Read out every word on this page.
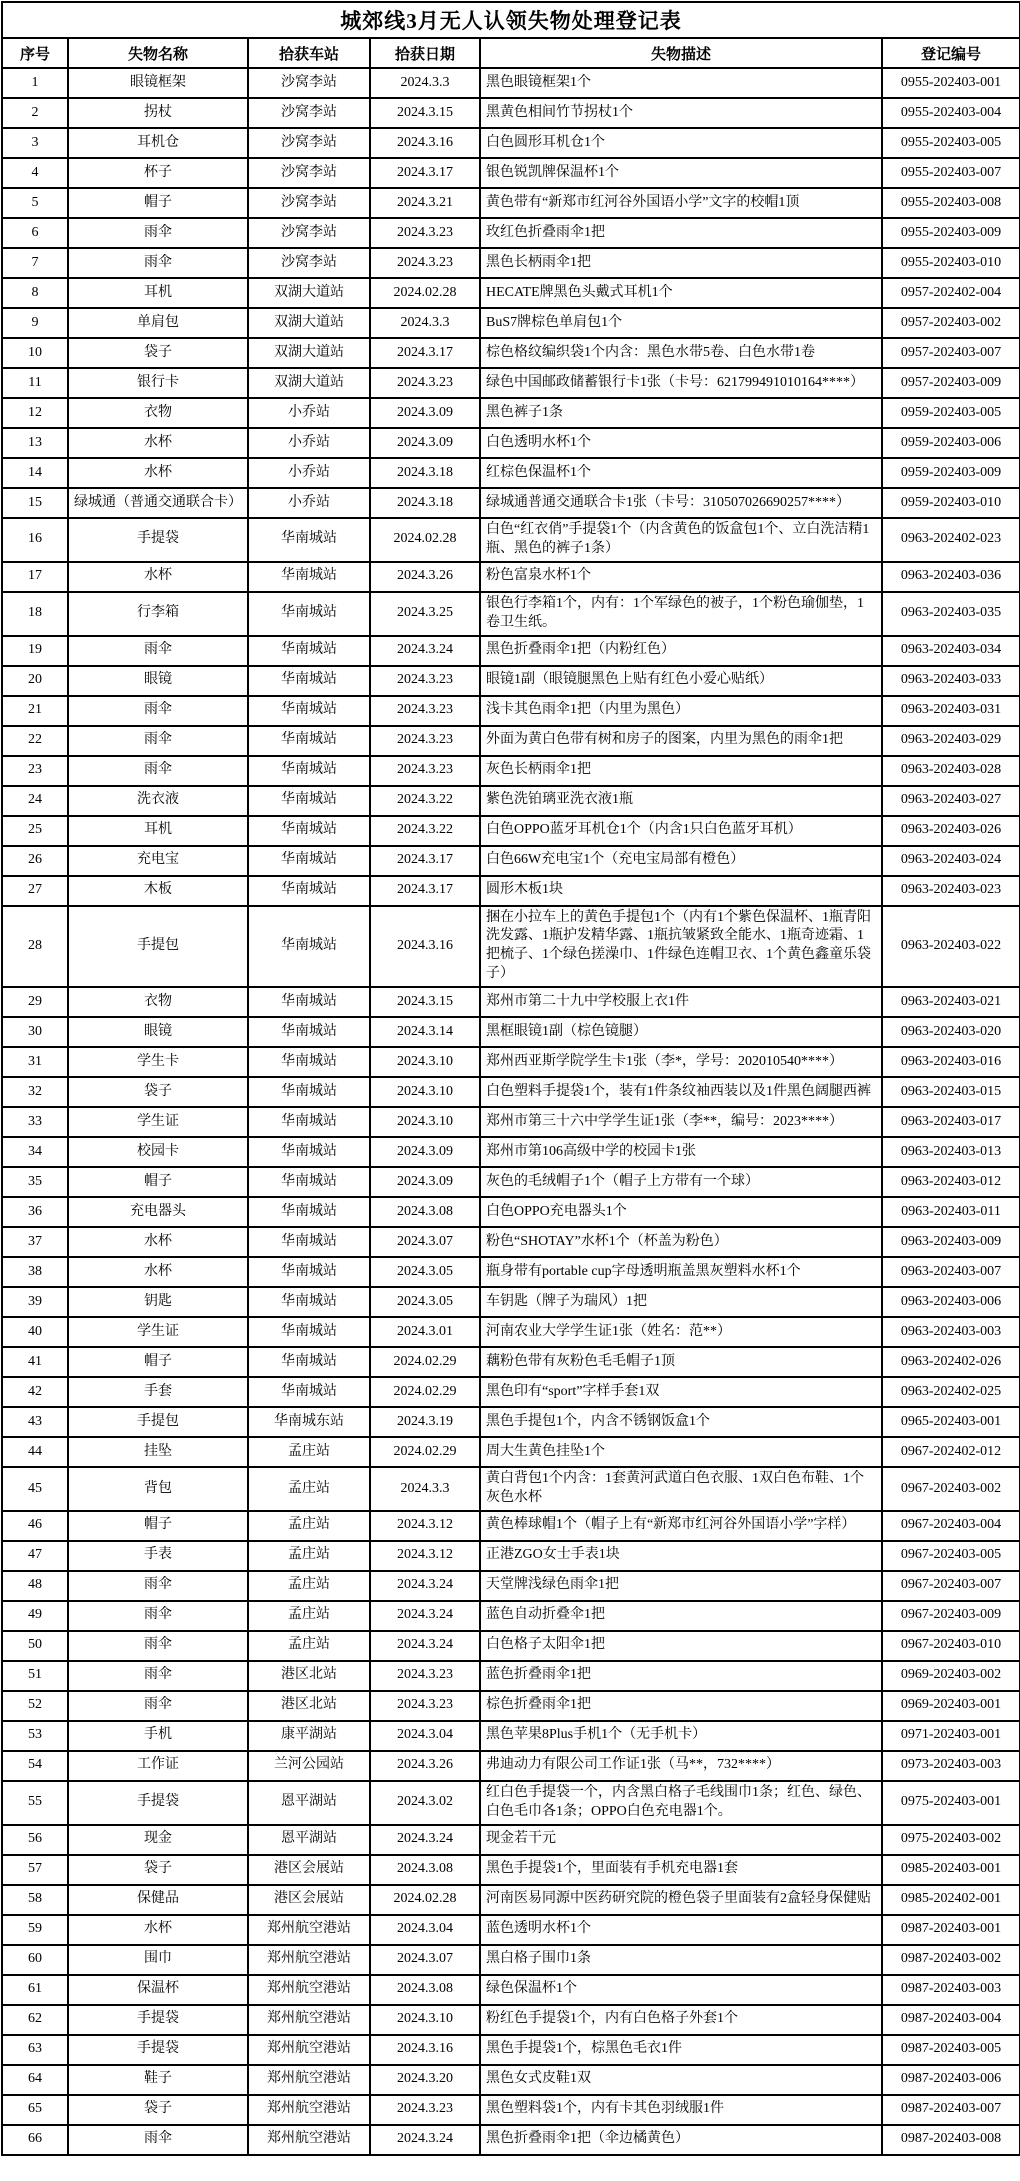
城郊线3月无人认领失物处理登记表					
序号	失物名称	拾获车站	拾获日期	失物描述	登记编号
1	眼镜框架	沙窝李站	2024.3.3	黑色眼镜框架1个	0955-202403-001
2	拐杖	沙窝李站	2024.3.15	黑黄色相间竹节拐杖1个	0955-202403-004
3	耳机仓	沙窝李站	2024.3.16	白色圆形耳机仓1个	0955-202403-005
4	杯子	沙窝李站	2024.3.17	银色锐凯牌保温杯1个	0955-202403-007
5	帽子	沙窝李站	2024.3.21	黄色带有“新郑市红河谷外国语小学”文字的校帽1顶	0955-202403-008
6	雨伞	沙窝李站	2024.3.23	玫红色折叠雨伞1把	0955-202403-009
7	雨伞	沙窝李站	2024.3.23	黑色长柄雨伞1把	0955-202403-010
8	耳机	双湖大道站	2024.02.28	HECATE牌黑色头戴式耳机1个	0957-202402-004
9	单肩包	双湖大道站	2024.3.3	BuS7牌棕色单肩包1个	0957-202403-002
10	袋子	双湖大道站	2024.3.17	棕色格纹编织袋1个内含：黑色水带5卷、白色水带1卷	0957-202403-007
11	银行卡	双湖大道站	2024.3.23	绿色中国邮政储蓄银行卡1张（卡号：621799491010164****）	0957-202403-009
12	衣物	小乔站	2024.3.09	黑色裤子1条	0959-202403-005
13	水杯	小乔站	2024.3.09	白色透明水杯1个	0959-202403-006
14	水杯	小乔站	2024.3.18	红棕色保温杯1个	0959-202403-009
15	绿城通（普通交通联合卡）	小乔站	2024.3.18	绿城通普通交通联合卡1张（卡号：310507026690257****）	0959-202403-010
16	手提袋	华南城站	2024.02.28	白色“红衣俏”手提袋1个（内含黄色的饭盒包1个、立白洗洁精1瓶、黑色的裤子1条）	0963-202402-023
17	水杯	华南城站	2024.3.26	粉色富泉水杯1个	0963-202403-036
18	行李箱	华南城站	2024.3.25	银色行李箱1个，内有：1个军绿色的被子，1个粉色瑜伽垫，1卷卫生纸。	0963-202403-035
19	雨伞	华南城站	2024.3.24	黑色折叠雨伞1把（内粉红色）	0963-202403-034
20	眼镜	华南城站	2024.3.23	眼镜1副（眼镜腿黑色上贴有红色小爱心贴纸）	0963-202403-033
21	雨伞	华南城站	2024.3.23	浅卡其色雨伞1把（内里为黑色）	0963-202403-031
22	雨伞	华南城站	2024.3.23	外面为黄白色带有树和房子的图案，内里为黑色的雨伞1把	0963-202403-029
23	雨伞	华南城站	2024.3.23	灰色长柄雨伞1把	0963-202403-028
24	洗衣液	华南城站	2024.3.22	紫色洗铂璃亚洗衣液1瓶	0963-202403-027
25	耳机	华南城站	2024.3.22	白色OPPO蓝牙耳机仓1个（内含1只白色蓝牙耳机）	0963-202403-026
26	充电宝	华南城站	2024.3.17	白色66W充电宝1个（充电宝局部有橙色）	0963-202403-024
27	木板	华南城站	2024.3.17	圆形木板1块	0963-202403-023
28	手提包	华南城站	2024.3.16	捆在小拉车上的黄色手提包1个（内有1个紫色保温杯、1瓶青阳洗发露、1瓶护发精华露、1瓶抗皱紧致全能水、1瓶奇迹霜、1把梳子、1个绿色搓澡巾、1件绿色连帽卫衣、1个黄色鑫童乐袋子）	0963-202403-022
29	衣物	华南城站	2024.3.15	郑州市第二十九中学校服上衣1件	0963-202403-021
30	眼镜	华南城站	2024.3.14	黑框眼镜1副（棕色镜腿）	0963-202403-020
31	学生卡	华南城站	2024.3.10	郑州西亚斯学院学生卡1张（李*，学号：202010540****）	0963-202403-016
32	袋子	华南城站	2024.3.10	白色塑料手提袋1个，装有1件条纹袖西装以及1件黑色阔腿西裤	0963-202403-015
33	学生证	华南城站	2024.3.10	郑州市第三十六中学学生证1张（李**，编号：2023****）	0963-202403-017
34	校园卡	华南城站	2024.3.09	郑州市第106高级中学的校园卡1张	0963-202403-013
35	帽子	华南城站	2024.3.09	灰色的毛绒帽子1个（帽子上方带有一个球）	0963-202403-012
36	充电器头	华南城站	2024.3.08	白色OPPO充电器头1个	0963-202403-011
37	水杯	华南城站	2024.3.07	粉色“SHOTAY”水杯1个（杯盖为粉色）	0963-202403-009
38	水杯	华南城站	2024.3.05	瓶身带有portable cup字母透明瓶盖黑灰塑料水杯1个	0963-202403-007
39	钥匙	华南城站	2024.3.05	车钥匙（牌子为瑞风）1把	0963-202403-006
40	学生证	华南城站	2024.3.01	河南农业大学学生证1张（姓名：范**）	0963-202403-003
41	帽子	华南城站	2024.02.29	藕粉色带有灰粉色毛毛帽子1顶	0963-202402-026
42	手套	华南城站	2024.02.29	黑色印有“sport”字样手套1双	0963-202402-025
43	手提包	华南城东站	2024.3.19	黑色手提包1个，内含不锈钢饭盒1个	0965-202403-001
44	挂坠	孟庄站	2024.02.29	周大生黄色挂坠1个	0967-202402-012
45	背包	孟庄站	2024.3.3	黄白背包1个内含：1套黄河武道白色衣服、1双白色布鞋、1个灰色水杯	0967-202403-002
46	帽子	孟庄站	2024.3.12	黄色棒球帽1个（帽子上有“新郑市红河谷外国语小学”字样）	0967-202403-004
47	手表	孟庄站	2024.3.12	正港ZGO女士手表1块	0967-202403-005
48	雨伞	孟庄站	2024.3.24	天堂牌浅绿色雨伞1把	0967-202403-007
49	雨伞	孟庄站	2024.3.24	蓝色自动折叠伞1把	0967-202403-009
50	雨伞	孟庄站	2024.3.24	白色格子太阳伞1把	0967-202403-010
51	雨伞	港区北站	2024.3.23	蓝色折叠雨伞1把	0969-202403-002
52	雨伞	港区北站	2024.3.23	棕色折叠雨伞1把	0969-202403-001
53	手机	康平湖站	2024.3.04	黑色苹果8Plus手机1个（无手机卡）	0971-202403-001
54	工作证	兰河公园站	2024.3.26	弗迪动力有限公司工作证1张（马**，732****）	0973-202403-003
55	手提袋	恩平湖站	2024.3.02	红白色手提袋一个，内含黑白格子毛线围巾1条；红色、绿色、白色毛巾各1条；OPPO白色充电器1个。	0975-202403-001
56	现金	恩平湖站	2024.3.24	现金若干元	0975-202403-002
57	袋子	港区会展站	2024.3.08	黑色手提袋1个，里面装有手机充电器1套	0985-202403-001
58	保健品	港区会展站	2024.02.28	河南医易同源中医药研究院的橙色袋子里面装有2盒轻身保健贴	0985-202402-001
59	水杯	郑州航空港站	2024.3.04	蓝色透明水杯1个	0987-202403-001
60	围巾	郑州航空港站	2024.3.07	黑白格子围巾1条	0987-202403-002
61	保温杯	郑州航空港站	2024.3.08	绿色保温杯1个	0987-202403-003
62	手提袋	郑州航空港站	2024.3.10	粉红色手提袋1个，内有白色格子外套1个	0987-202403-004
63	手提袋	郑州航空港站	2024.3.16	黑色手提袋1个，棕黑色毛衣1件	0987-202403-005
64	鞋子	郑州航空港站	2024.3.20	黑色女式皮鞋1双	0987-202403-006
65	袋子	郑州航空港站	2024.3.23	黑色塑料袋1个，内有卡其色羽绒服1件	0987-202403-007
66	雨伞	郑州航空港站	2024.3.24	黑色折叠雨伞1把（伞边橘黄色）	0987-202403-008
